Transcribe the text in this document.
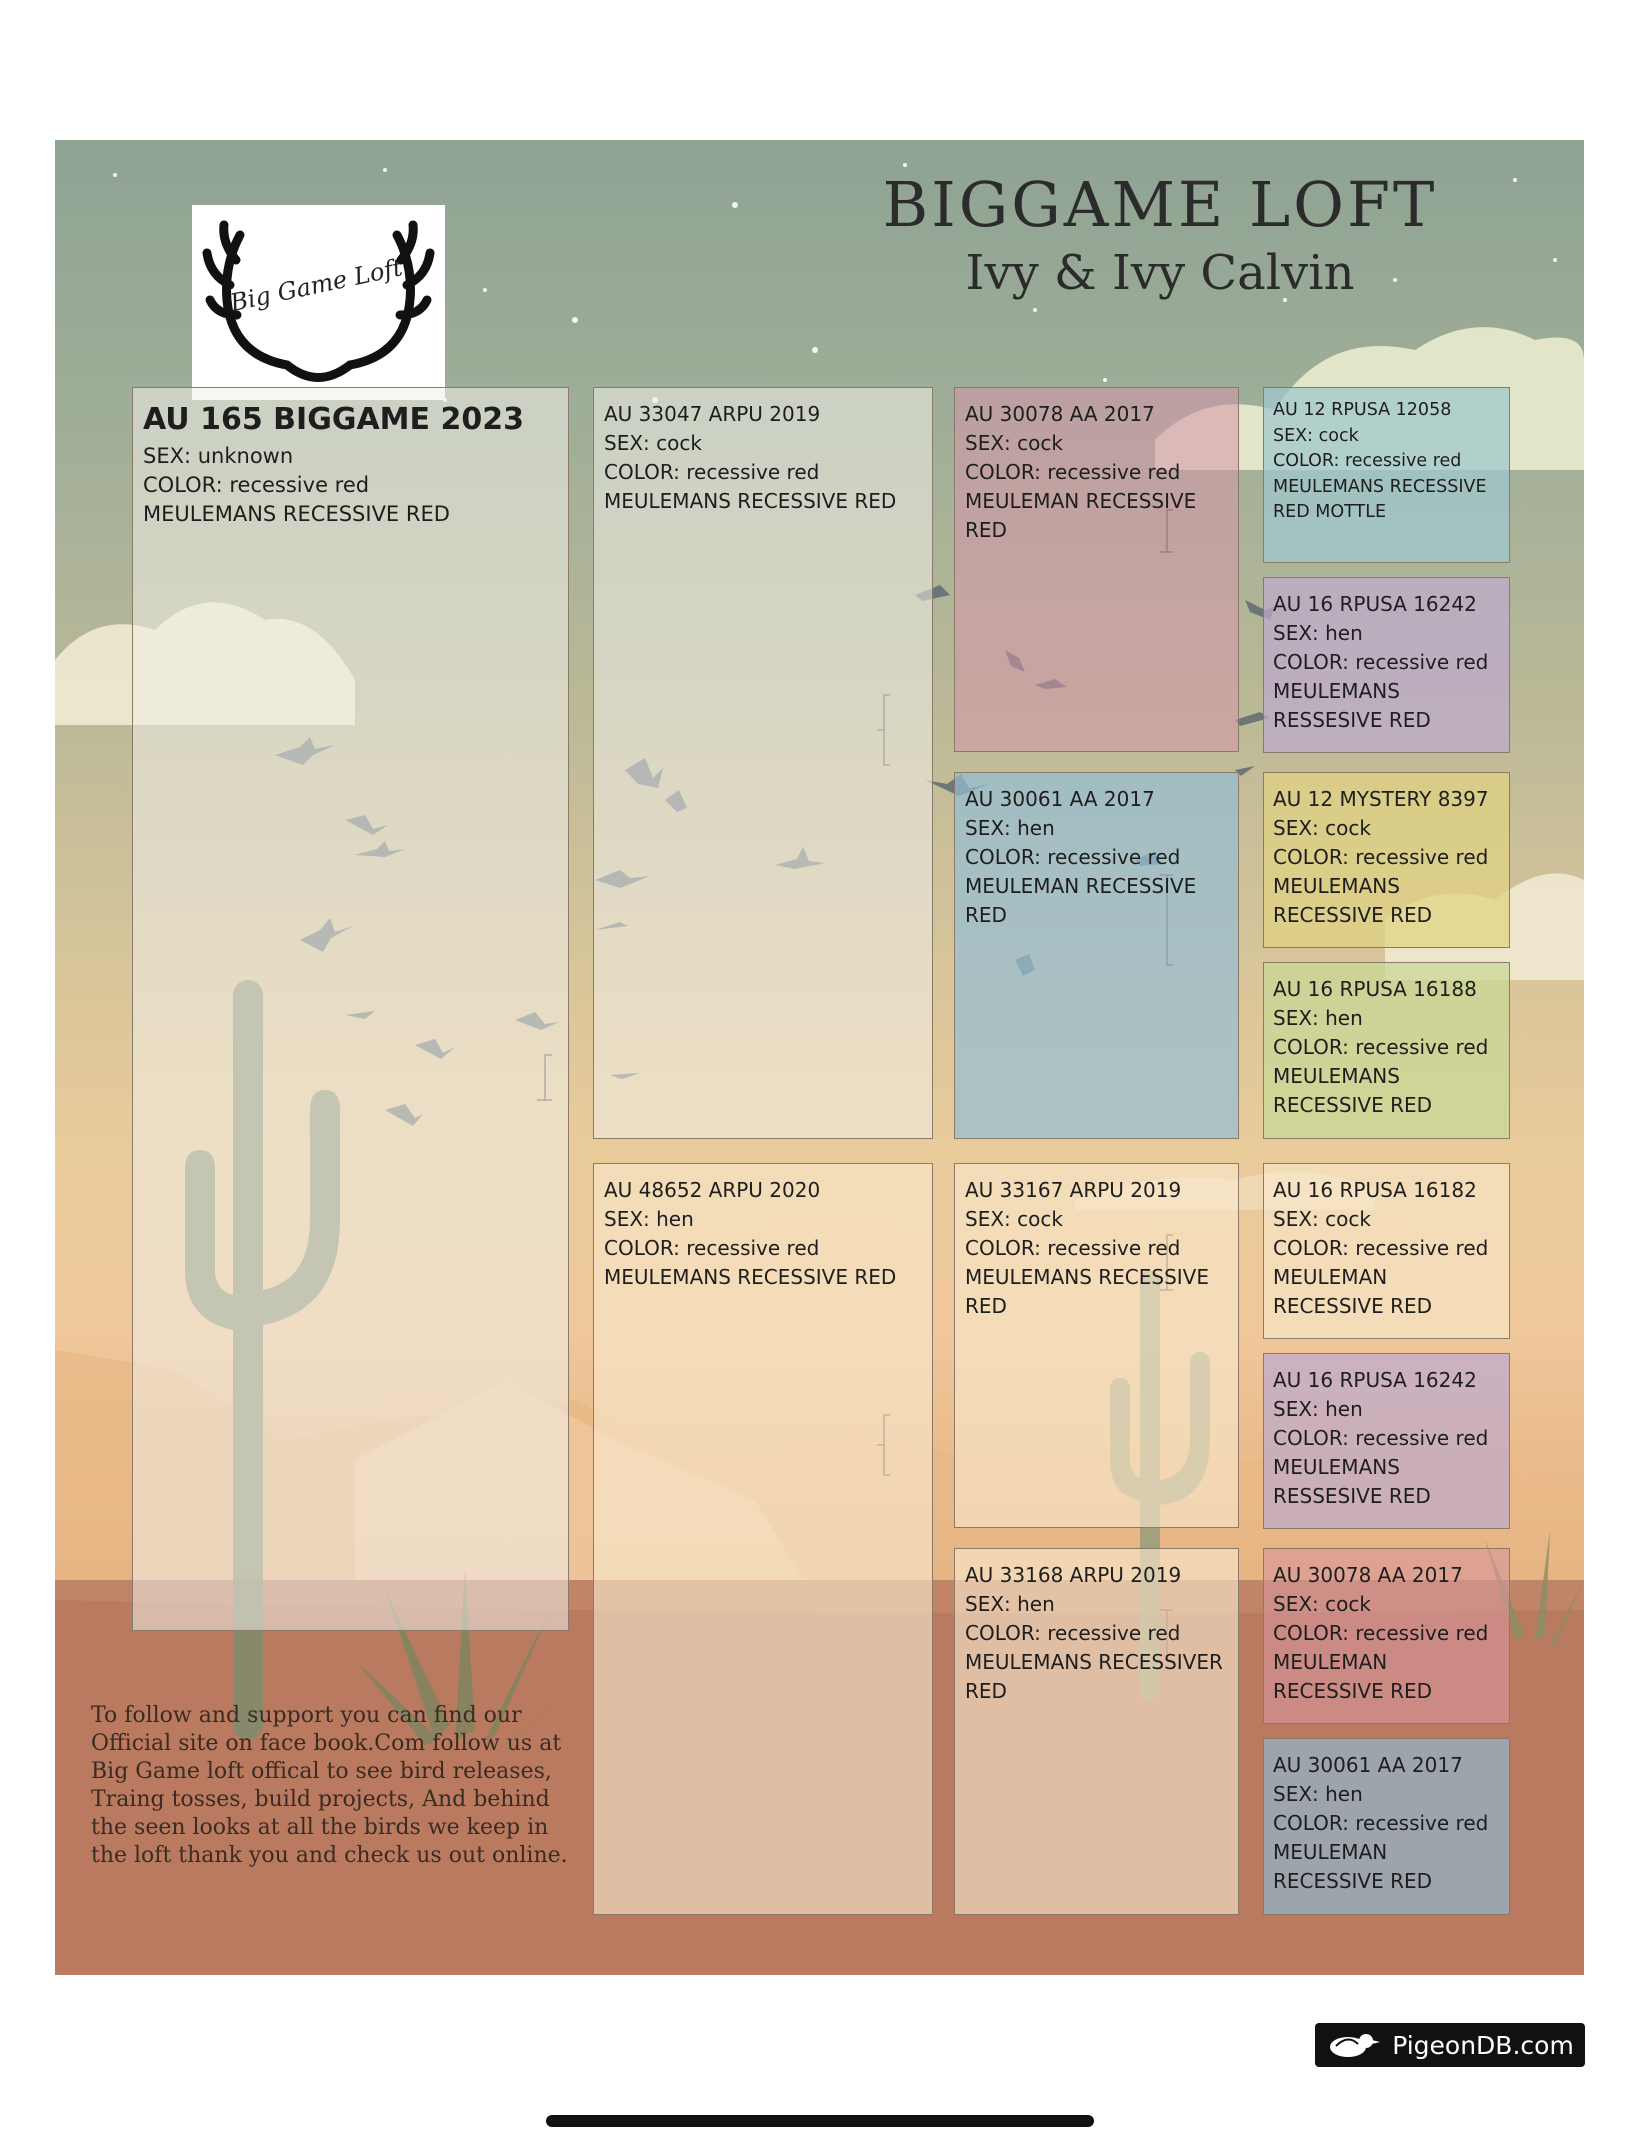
BIGGAME LOFT
Ivy & Ivy Calvin
Big Game Loft
AU 165 BIGGAME 2023
SEX: unknown
COLOR: recessive red
MEULEMANS RECESSIVE RED
AU 33047 ARPU 2019
SEX: cock
COLOR: recessive red
MEULEMANS RECESSIVE RED
AU 48652 ARPU 2020
SEX: hen
COLOR: recessive red
MEULEMANS RECESSIVE RED
AU 30078 AA 2017
SEX: cock
COLOR: recessive red
MEULEMAN RECESSIVE RED
AU 30061 AA 2017
SEX: hen
COLOR: recessive red
MEULEMAN RECESSIVE RED
AU 33167 ARPU 2019
SEX: cock
COLOR: recessive red
MEULEMANS RECESSIVE RED
AU 33168 ARPU 2019
SEX: hen
COLOR: recessive red
MEULEMANS RECESSIVER RED
AU 12 RPUSA 12058
SEX: cock
COLOR: recessive red
MEULEMANS RECESSIVE RED MOTTLE
AU 16 RPUSA 16242
SEX: hen
COLOR: recessive red
MEULEMANS RESSESIVE RED
AU 12 MYSTERY 8397
SEX: cock
COLOR: recessive red
MEULEMANS RECESSIVE RED
AU 16 RPUSA 16188
SEX: hen
COLOR: recessive red
MEULEMANS RECESSIVE RED
AU 16 RPUSA 16182
SEX: cock
COLOR: recessive red
MEULEMAN RECESSIVE RED
AU 16 RPUSA 16242
SEX: hen
COLOR: recessive red
MEULEMANS RESSESIVE RED
AU 30078 AA 2017
SEX: cock
COLOR: recessive red
MEULEMAN RECESSIVE RED
AU 30061 AA 2017
SEX: hen
COLOR: recessive red
MEULEMAN RECESSIVE RED
To follow and support you can find our Official site on face book.Com follow us at Big Game loft offical to see bird releases, Traing tosses, build projects, And behind the seen looks at all the birds we keep in the loft thank you and check us out online.
PigeonDB.com
